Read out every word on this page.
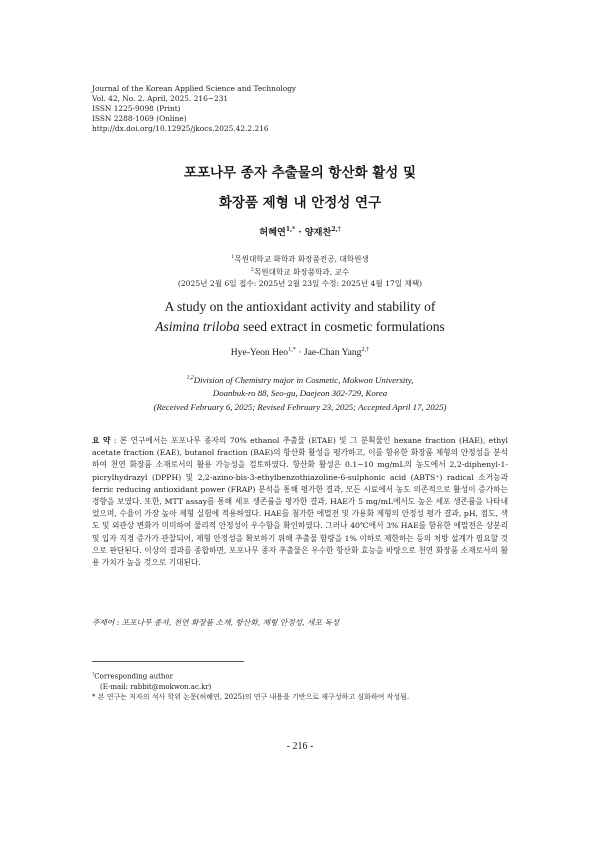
Journal of the Korean Applied Science and Technology
Vol. 42, No. 2. April, 2025. 216~231
ISSN 1225-9098 (Print)
ISSN 2288-1069 (Online)
http://dx.doi.org/10.12925/jkocs.2025.42.2.216
포포나무 종자 추출물의 항산화 활성 및
화장품 제형 내 안정성 연구
허혜연$^{1,*}$ · 양재찬$^{2,\dagger}$
$^1$목원대학교 화학과 화장품전공, 대학원생
$^2$목원대학교 화장품학과, 교수
(2025년 2월 6일 접수: 2025년 2월 23일 수정: 2025년 4월 17일 채택)
A study on the antioxidant activity and stability of
Asimina triloba seed extract in cosmetic formulations
Hye-Yeon Heo$^{1,*}$ · Jae-Chan Yang$^{2,\dagger}$
$^{1,2}$Division of Chemistry major in Cosmetic, Mokwon University,
Doanbuk-ro 88, Seo-gu, Daejeon 302-729, Korea
(Received February 6, 2025; Revised February 23, 2025; Accepted April 17, 2025)
요 약 : 본 연구에서는 포포나무 종자의 70% ethanol 추출물 (ETAE) 및 그 분획물인 hexane fraction (HAE), ethyl acetate fraction (EAE), butanol fraction (BAE)의 항산화 활성을 평가하고, 이를 함유한 화장품 제형의 안정성을 분석하여 천연 화장품 소재로서의 활용 가능성을 검토하였다. 항산화 활성은 0.1∼10 mg/mL의 농도에서 2,2-diphenyl-1-picrylhydrazyl (DPPH) 및 2,2-azino-bis-3-ethylbenzothiazoline-6-sulphonic acid (ABTS⁺) radical 소거능과 ferric reducing antioxidant power (FRAP) 분석을 통해 평가한 결과, 모든 시료에서 농도 의존적으로 활성이 증가하는 경향을 보였다. 또한, MTT assay를 통해 세포 생존률을 평가한 결과, HAE가 5 mg/mL에서도 높은 세포 생존률을 나타내었으며, 수율이 가장 높아 제형 실험에 적용하였다. HAE를 첨가한 에멀젼 및 가용화 제형의 안정성 평가 결과, pH, 점도, 색도 및 외관상 변화가 미미하여 물리적 안정성이 우수함을 확인하였다. 그러나 40℃에서 3% HAE를 함유한 에멀젼은 상분리 및 입자 직경 증가가 관찰되어, 제형 안정성을 확보하기 위해 추출물 함량을 1% 이하로 제한하는 등의 처방 설계가 필요할 것으로 판단된다. 이상의 결과를 종합하면, 포포나무 종자 추출물은 우수한 항산화 효능을 바탕으로 천연 화장품 소재로서의 활용 가치가 높을 것으로 기대된다.
주제어 : 포포나무 종자, 천연 화장품 소재, 항산화, 제형 안정성, 세포 독성
†Corresponding author
(E-mail: rabbit@mokwon.ac.kr)
* 본 연구는 저자의 석사 학위 논문(허혜연, 2025)의 연구 내용을 기반으로 재구성하고 심화하여 작성됨.
- 216 -
